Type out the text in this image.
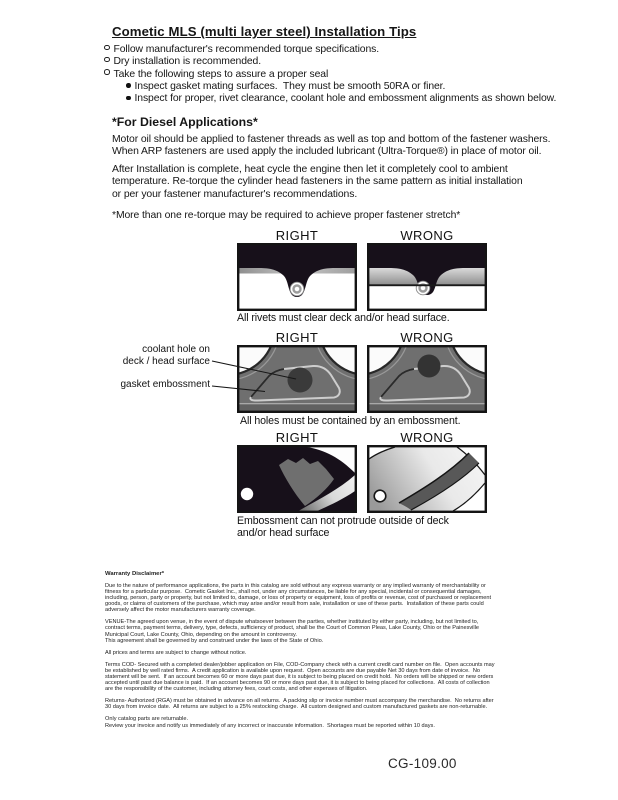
Cometic MLS (multi layer steel) Installation Tips
Follow manufacturer's recommended torque specifications.
Dry installation is recommended.
Take the following steps to assure a proper seal
Inspect gasket mating surfaces.  They must be smooth 50RA or finer.
Inspect for proper, rivet clearance, coolant hole and embossment alignments as shown below.
*For Diesel Applications*
Motor oil should be applied to fastener threads as well as top and bottom of the fastener washers.
When ARP fasteners are used apply the included lubricant (Ultra-Torque®) in place of motor oil.
After Installation is complete, heat cycle the engine then let it completely cool to ambient
temperature. Re-torque the cylinder head fasteners in the same pattern as initial installation
or per your fastener manufacturer's recommendations.
*More than one re-torque may be required to achieve proper fastener stretch*
RIGHT	WRONG
All rivets must clear deck and/or head surface.
RIGHT	WRONG
coolant hole on
deck / head surface
gasket embossment
All holes must be contained by an embossment.
RIGHT	WRONG
Embossment can not protrude outside of deck
and/or head surface
Warranty Disclaimer*
Due to the nature of performance applications, the parts in this catalog are sold without any express warranty or any implied warranty of merchantability or
fitness for a particular purpose.  Cometic Gasket Inc., shall not, under any circumstances, be liable for any special, incidental or consequential damages,
including, person, party or property, but not limited to, damage, or loss of property or equipment, loss of profits or revenue, cost of purchased or replacement
goods, or claims of customers of the purchase, which may arise and/or result from sale, installation or use of these parts.  Installation of these parts could
adversely affect the motor manufacturers warranty coverage.
VENUE-The agreed upon venue, in the event of dispute whatsoever between the parties, whether instituted by either party, including, but not limited to,
contract terms, payment terms, delivery, type, defects, sufficiency of product, shall be the Court of Common Pleas, Lake County, Ohio or the Painesville
Municipal Court, Lake County, Ohio, depending on the amount in controversy.
This agreement shall be governed by and construed under the laws of the State of Ohio.
All prices and terms are subject to change without notice.
Terms COD- Secured with a completed dealer/jobber application on File, COD-Company check with a current credit card number on file.  Open accounts may
be established by well rated firms.  A credit application is available upon request.  Open accounts are due payable Net 30 days from date of invoice.  No
statement will be sent.  If an account becomes 60 or more days past due, it is subject to being placed on credit hold.  No orders will be shipped or new orders
accepted until past due balance is paid.  If an account becomes 90 or more days past due, it is subject to being placed for collections.  All costs of collection
are the responsibility of the customer, including attorney fees, court costs, and other expenses of litigation.
Returns- Authorized (RGA) must be obtained in advance on all returns.  A packing slip or invoice number must accompany the merchandise.  No returns after
30 days from invoice date.  All returns are subject to a 25% restocking charge.  All custom designed and custom manufactured gaskets are non-returnable.
Only catalog parts are returnable.
Review your invoice and notify us immediately of any incorrect or inaccurate information.  Shortages must be reported within 10 days.
CG-109.00
